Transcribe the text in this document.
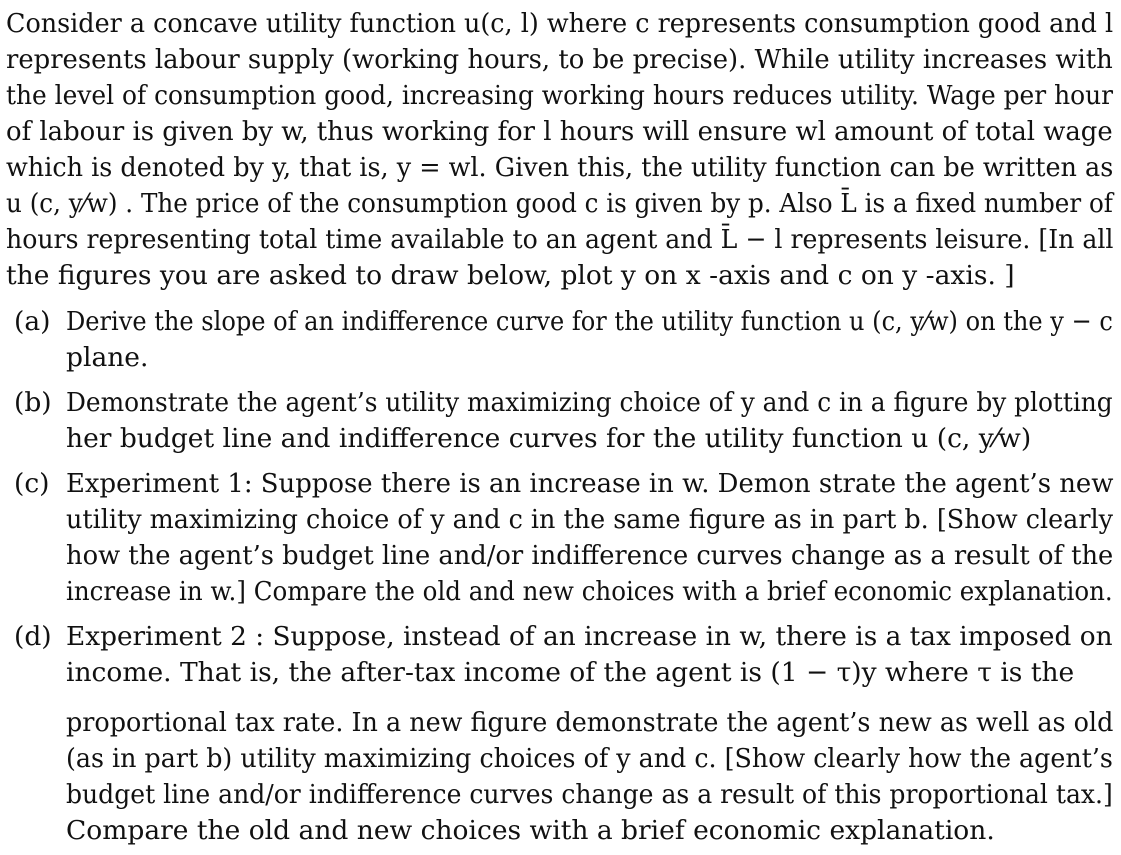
Consider a concave utility function u(c, l) where c represents consumption good and l
represents labour supply (working hours, to be precise). While utility increases with
the level of consumption good, increasing working hours reduces utility. Wage per hour
of labour is given by w, thus working for l hours will ensure wl amount of total wage
which is denoted by y, that is, y = wl. Given this, the utility function can be written as
u (c, y⁄w) . The price of the consumption good c is given by p. Also L̄ is a fixed number of
hours representing total time available to an agent and L̄ − l represents leisure. [In all
the figures you are asked to draw below, plot y on x -axis and c on y -axis. ]
(a) Derive the slope of an indifference curve for the utility function u (c, y⁄w) on the y − c
plane.
(b) Demonstrate the agent’s utility maximizing choice of y and c in a figure by plotting
her budget line and indifference curves for the utility function u (c, y⁄w)
(c) Experiment 1: Suppose there is an increase in w. Demon strate the agent’s new
utility maximizing choice of y and c in the same figure as in part b. [Show clearly
how the agent’s budget line and/or indifference curves change as a result of the
increase in w.] Compare the old and new choices with a brief economic explanation.
(d) Experiment 2 : Suppose, instead of an increase in w, there is a tax imposed on
income. That is, the after-tax income of the agent is (1 − τ)y where τ is the
proportional tax rate. In a new figure demonstrate the agent’s new as well as old
(as in part b) utility maximizing choices of y and c. [Show clearly how the agent’s
budget line and/or indifference curves change as a result of this proportional tax.]
Compare the old and new choices with a brief economic explanation.
